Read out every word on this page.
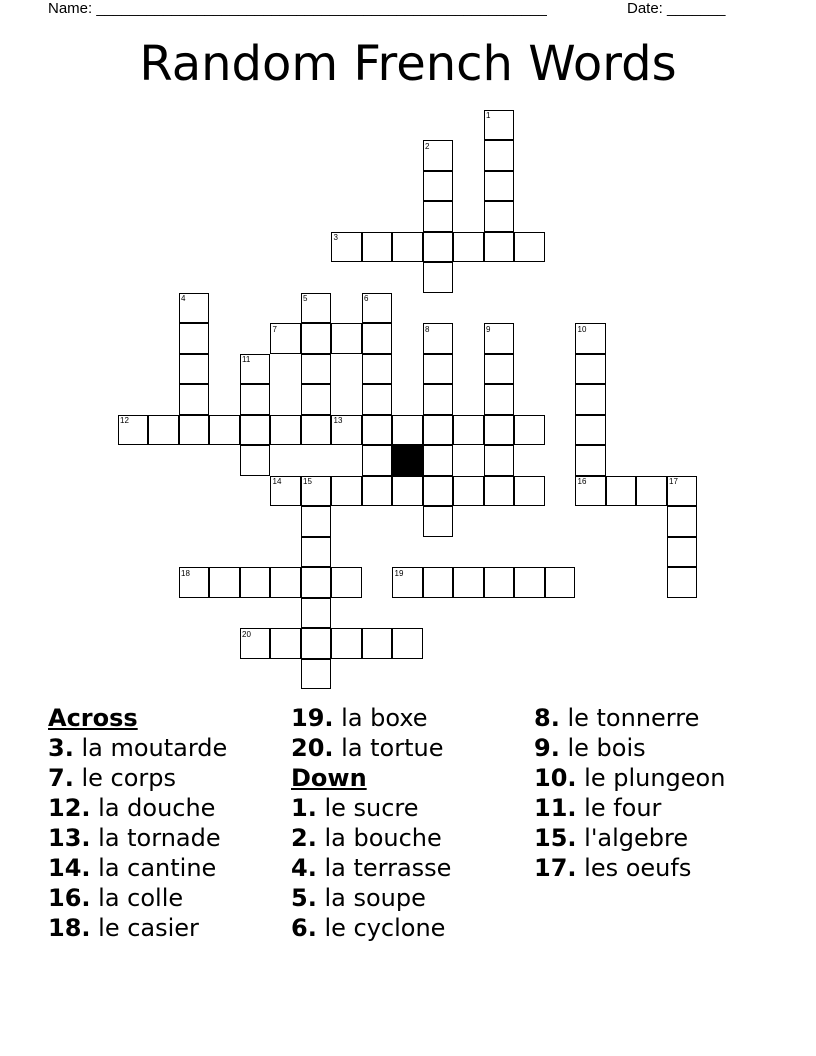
Name: ______________________________________________________	Date: _______
Random French Words
1
2
3
4	5	6
7	8	9	10
11
12	13
14	15	16	17
18	19
20
Across
3. la moutarde
7. le corps
12. la douche
13. la tornade
14. la cantine
16. la colle
18. le casier
19. la boxe
20. la tortue
Down
1. le sucre
2. la bouche
4. la terrasse
5. la soupe
6. le cyclone
8. le tonnerre
9. le bois
10. le plungeon
11. le four
15. l'algebre
17. les oeufs
